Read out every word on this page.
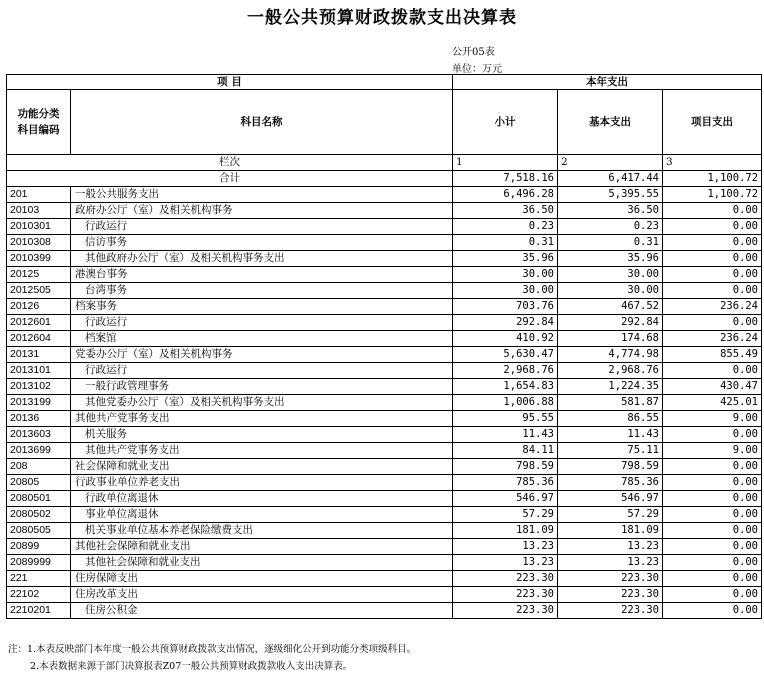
一般公共预算财政拨款支出决算表
公开05表
单位：万元
项 目		本年支出		
功能分类
科目编码	科目名称	小计	基本支出	项目支出
栏次		1	2	3
合计		7,518.16	6,417.44	1,100.72
201	一般公共服务支出	6,496.28	5,395.55	1,100.72
20103	政府办公厅（室）及相关机构事务	36.50	36.50	0.00
2010301	行政运行	0.23	0.23	0.00
2010308	信访事务	0.31	0.31	0.00
2010399	其他政府办公厅（室）及相关机构事务支出	35.96	35.96	0.00
20125	港澳台事务	30.00	30.00	0.00
2012505	台湾事务	30.00	30.00	0.00
20126	档案事务	703.76	467.52	236.24
2012601	行政运行	292.84	292.84	0.00
2012604	档案馆	410.92	174.68	236.24
20131	党委办公厅（室）及相关机构事务	5,630.47	4,774.98	855.49
2013101	行政运行	2,968.76	2,968.76	0.00
2013102	一般行政管理事务	1,654.83	1,224.35	430.47
2013199	其他党委办公厅（室）及相关机构事务支出	1,006.88	581.87	425.01
20136	其他共产党事务支出	95.55	86.55	9.00
2013603	机关服务	11.43	11.43	0.00
2013699	其他共产党事务支出	84.11	75.11	9.00
208	社会保障和就业支出	798.59	798.59	0.00
20805	行政事业单位养老支出	785.36	785.36	0.00
2080501	行政单位离退休	546.97	546.97	0.00
2080502	事业单位离退休	57.29	57.29	0.00
2080505	机关事业单位基本养老保险缴费支出	181.09	181.09	0.00
20899	其他社会保障和就业支出	13.23	13.23	0.00
2089999	其他社会保障和就业支出	13.23	13.23	0.00
221	住房保障支出	223.30	223.30	0.00
22102	住房改革支出	223.30	223.30	0.00
2210201	住房公积金	223.30	223.30	0.00
注：1.本表反映部门本年度一般公共预算财政拨款支出情况，逐级细化公开到功能分类项级科目。
2.本表数据来源于部门决算报表Z07一般公共预算财政拨款收入支出决算表。
